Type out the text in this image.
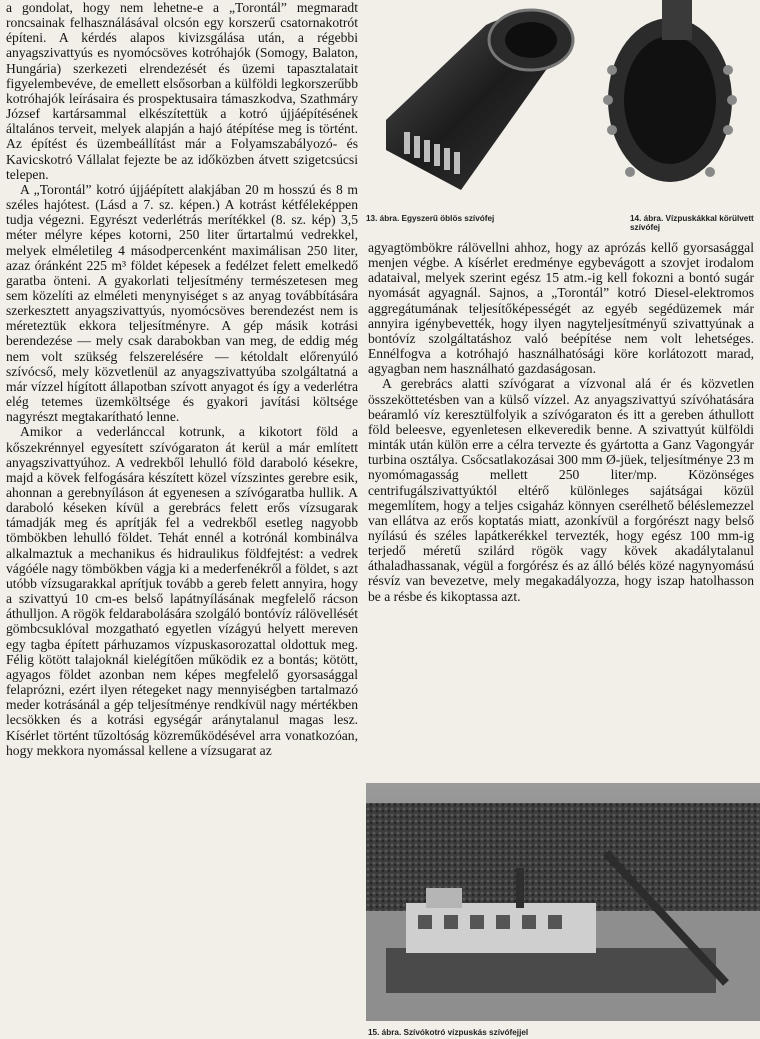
a gondolat, hogy nem lehetne-e a „Torontál” megmaradt roncsainak felhasználásával olcsón egy korszerű csatornakotrót építeni. A kérdés alapos kivizsgálása után, a régebbi anyagszivattyús es nyomócsöves kotróhajók (Somogy, Balaton, Hungária) szerkezeti elrendezését és üzemi tapasztalatait figyelembevéve, de emellett elsősorban a külföldi legkorszerűbb kotróhajók leírásaira és prospektusaira támaszkodva, Szathmáry József kartársammal elkészítettük a kotró újjáépítésének általános terveit, melyek alapján a hajó átépítése meg is történt. Az építést és üzembeállítást már a Folyamszabályozó- és Kavicskotró Vállalat fejezte be az időközben átvett szigetcsúcsi telepen.

A „Torontál” kotró újjáépített alakjában 20 m hosszú és 8 m széles hajótest. (Lásd a 7. sz. képen.) A kotrást kétféleképpen tudja végezni. Egyrészt vederlétrás merítékkel (8. sz. kép) 3,5 méter mélyre képes kotorni, 250 liter űrtartalmú vedrekkel, melyek elméletileg 4 másodpercenként maximálisan 250 liter, azaz óránként 225 m³ földet képesek a fedélzet felett emelkedő garatba önteni. A gyakorlati teljesítmény természetesen meg sem közelíti az elméleti menynyiséget s az anyag továbbítására szerkesztett anyagszivattyús, nyomócsöves berendezést nem is méreteztük ekkora teljesítményre. A gép másik kotrási berendezése — mely csak darabokban van meg, de eddig még nem volt szükség felszerelésére — kétoldalt előrenyúló szívócső, mely közvetlenül az anyagszivattyúba szolgáltatná a már vízzel hígított állapotban szívott anyagot és így a vederlétra elég tetemes üzemköltsége és gyakori javítási költsége nagyrészt megtakarítható lenne.

Amikor a vederlánccal kotrunk, a kikotort föld a kőszekrénnyel egyesített szívógaraton át kerül a már említett anyagszivattyúhoz. A vedrekből lehulló föld daraboló késekre, majd a kövek felfogására készített közel vízszintes gerebre esik, ahonnan a gerebnyíláson át egyenesen a szívógaratba hullik. A daraboló késeken kívül a gerebrács felett erős vízsugarak támadják meg és aprítják fel a vedrekből esetleg nagyobb tömbökben lehulló földet. Tehát ennél a kotrónál kombinálva alkalmaztuk a mechanikus és hidraulikus földfejtést: a vedrek vágóéle nagy tömbökben vágja ki a mederfenékről a földet, s azt utóbb vízsugarakkal aprítjuk tovább a gereb felett annyira, hogy a szivattyú 10 cm-es belső lapátnyílásának megfelelő rácson áthulljon. A rögök feldarabolására szolgáló bontóvíz rálövellését gömbcsuklóval mozgatható egyetlen vízágyú helyett mereven egy tagba épített párhuzamos vízpuskasorozattal oldottuk meg. Félig kötött talajoknál kielégítően működik ez a bontás; kötött, agyagos földet azonban nem képes megfelelő gyorsasággal felaprózni, ezért ilyen rétegeket nagy mennyiségben tartalmazó meder kotrásánál a gép teljesítménye rendkívül nagy mértékben lecsökken és a kotrási egységár aránytalanul magas lesz. Kísérlet történt tűzoltóság közreműködésével arra vonatkozóan, hogy mekkora nyomással kellene a vízsugarat az

13. ábra. Egyszerű öblös szívófej	14. ábra. Vízpuskákkal körülvett szívófej

agyagtömbökre rálövellni ahhoz, hogy az aprózás kellő gyorsasággal menjen végbe. A kísérlet eredménye egybevágott a szovjet irodalom adataival, melyek szerint egész 15 atm.-ig kell fokozni a bontó sugár nyomását agyagnál. Sajnos, a „Torontál” kotró Diesel-elektromos aggregátumának teljesítőképességét az egyéb segédüzemek már annyira igénybevették, hogy ilyen nagyteljesítményű szivattyúnak a bontóvíz szolgáltatáshoz való beépítése nem volt lehetséges. Ennélfogva a kotróhajó használhatósági köre korlátozott marad, agyagban nem használható gazdaságosan.

A gerebrács alatti szívógarat a vízvonal alá ér és közvetlen összeköttetésben van a külső vízzel. Az anyagszivattyú szívóhatására beáramló víz keresztülfolyik a szívógaraton és itt a gereben áthullott föld beleesve, egyenletesen elkeveredik benne. A szivattyút külföldi minták után külön erre a célra tervezte és gyártotta a Ganz Vagongyár turbina osztálya. Csőcsatlakozásai 300 mm Ø-jüek, teljesítménye 23 m nyomómagasság mellett 250 liter/mp. Közönséges centrifugálszivattyúktól eltérő különleges sajátságai közül megemlítem, hogy a teljes csigaház könnyen cserélhető béléslemezzel van ellátva az erős koptatás miatt, azonkívül a forgórészt nagy belső nyílású és széles lapátkerékkel tervezték, hogy egész 100 mm-ig terjedő méretű szilárd rögök vagy kövek akadálytalanul áthaladhassanak, végül a forgórész és az álló bélés közé nagynyomású résvíz van bevezetve, mely megakadályozza, hogy iszap hatolhasson be a résbe és kikoptassa azt.

15. ábra. Szívókotró vízpuskás szívófejjel
